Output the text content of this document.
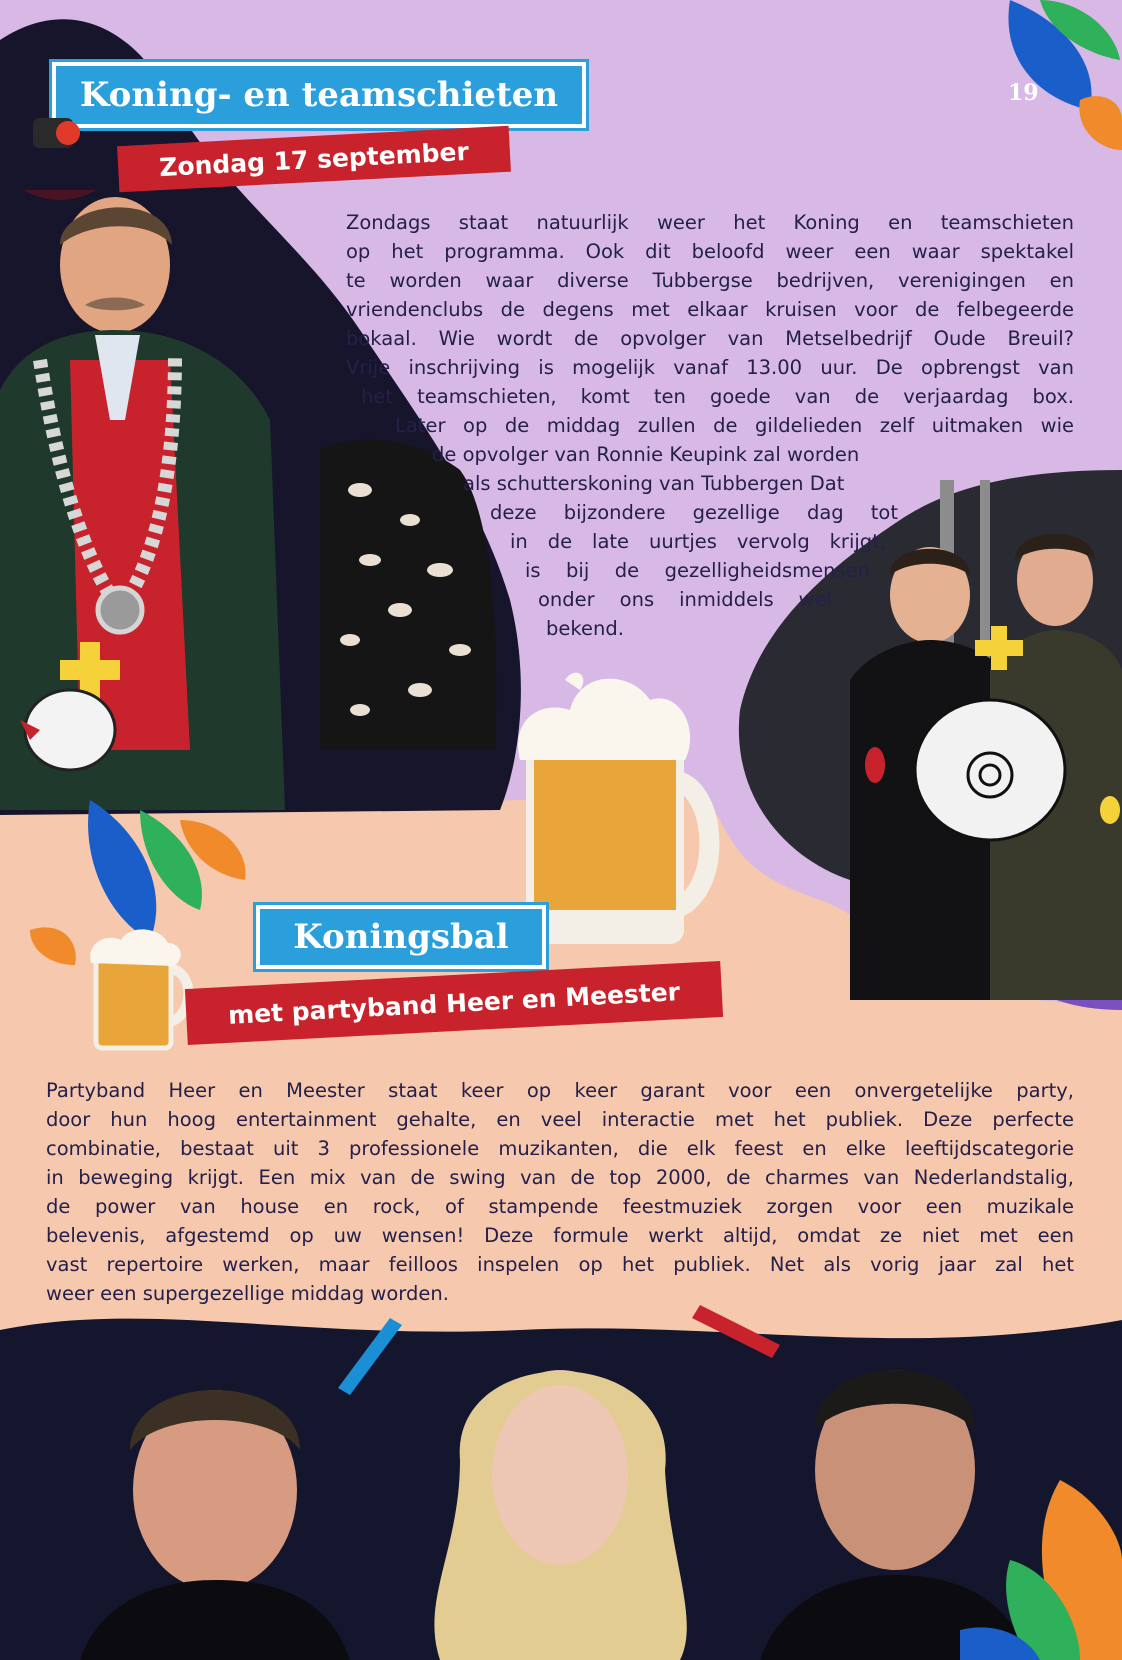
19
Koning- en teamschieten
Zondag 17 september
Zondags staat natuurlijk weer het Koning en teamschieten
op het programma. Ook dit beloofd weer een waar spektakel
te worden waar diverse Tubbergse bedrijven, verenigingen en
vriendenclubs de degens met elkaar kruisen voor de felbegeerde
bokaal. Wie wordt de opvolger van Metselbedrijf Oude Breuil?
Vrije inschrijving is mogelijk vanaf 13.00 uur. De opbrengst van
het teamschieten, komt ten goede van de verjaardag box.
Later op de middag zullen de gildelieden zelf uitmaken wie
de opvolger van Ronnie Keupink zal worden
als schutterskoning van Tubbergen Dat
deze bijzondere gezellige dag tot
in de late uurtjes vervolg krijgt,
is bij de gezelligheidsmensen
onder ons inmiddels wel
bekend.
Koningsbal
met partyband Heer en Meester
Partyband Heer en Meester staat keer op keer garant voor een onvergetelijke party,
door hun hoog entertainment gehalte, en veel interactie met het publiek. Deze perfecte
combinatie, bestaat uit 3 professionele muzikanten, die elk feest en elke leeftijdscategorie
in beweging krijgt. Een mix van de swing van de top 2000, de charmes van Nederlandstalig,
de power van house en rock, of stampende feestmuziek zorgen voor een muzikale
belevenis, afgestemd op uw wensen! Deze formule werkt altijd, omdat ze niet met een
vast repertoire werken, maar feilloos inspelen op het publiek. Net als vorig jaar zal het
weer een supergezellige middag worden.
